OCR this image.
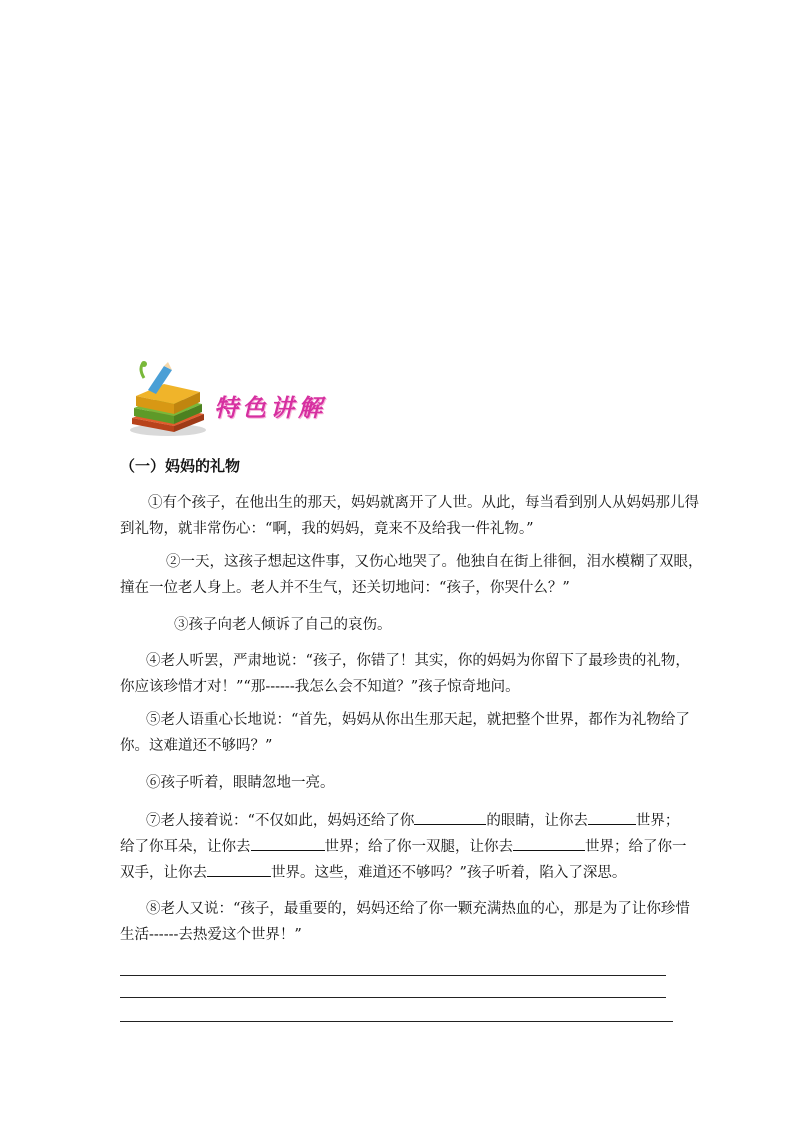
特色讲解
（一）妈妈的礼物
①有个孩子，在他出生的那天，妈妈就离开了人世。从此，每当看到别人从妈妈那儿得
到礼物，就非常伤心：“啊，我的妈妈，竟来不及给我一件礼物。”
②一天，这孩子想起这件事，又伤心地哭了。他独自在街上徘徊，泪水模糊了双眼，
撞在一位老人身上。老人并不生气，还关切地问：“孩子，你哭什么？”
③孩子向老人倾诉了自己的哀伤。
④老人听罢，严肃地说：“孩子，你错了！其实，你的妈妈为你留下了最珍贵的礼物，
你应该珍惜才对！”“那------我怎么会不知道？”孩子惊奇地问。
⑤老人语重心长地说：“首先，妈妈从你出生那天起，就把整个世界，都作为礼物给了
你。这难道还不够吗？”
⑥孩子听着，眼睛忽地一亮。
⑦老人接着说：“不仅如此，妈妈还给了你	的眼睛，让你去	世界；
给了你耳朵，让你去	世界；给了你一双腿，让你去	世界；给了你一
双手，让你去	世界。这些，难道还不够吗？”孩子听着，陷入了深思。
⑧老人又说：“孩子，最重要的，妈妈还给了你一颗充满热血的心，那是为了让你珍惜
生活------去热爱这个世界！”
